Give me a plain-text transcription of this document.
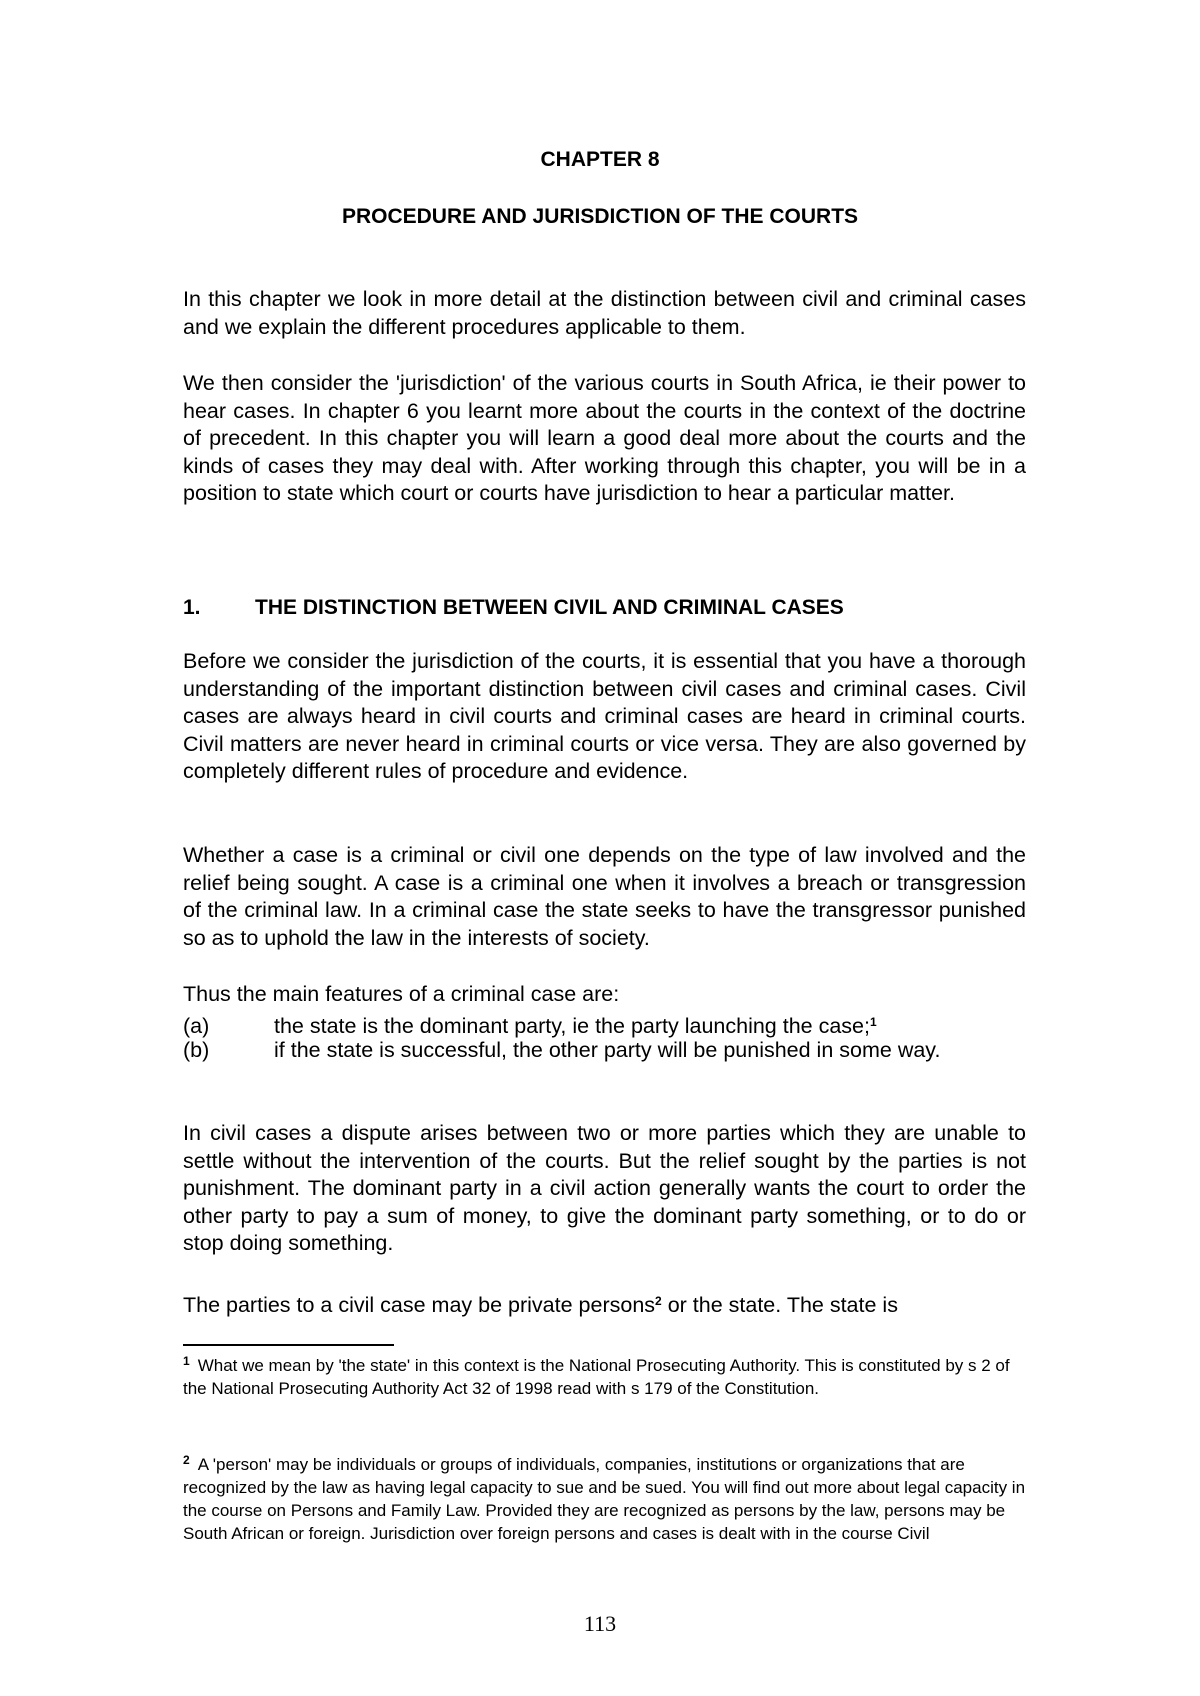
CHAPTER 8
PROCEDURE AND JURISDICTION OF THE COURTS

In this chapter we look in more detail at the distinction between civil and criminal cases and we explain the different procedures applicable to them.

We then consider the 'jurisdiction' of the various courts in South Africa, ie their power to hear cases. In chapter 6 you learnt more about the courts in the context of the doctrine of precedent. In this chapter you will learn a good deal more about the courts and the kinds of cases they may deal with. After working through this chapter, you will be in a position to state which court or courts have jurisdiction to hear a particular matter.

1.	THE DISTINCTION BETWEEN CIVIL AND CRIMINAL CASES

Before we consider the jurisdiction of the courts, it is essential that you have a thorough understanding of the important distinction between civil cases and criminal cases. Civil cases are always heard in civil courts and criminal cases are heard in criminal courts. Civil matters are never heard in criminal courts or vice versa. They are also governed by completely different rules of procedure and evidence.

Whether a case is a criminal or civil one depends on the type of law involved and the relief being sought. A case is a criminal one when it involves a breach or transgression of the criminal law. In a criminal case the state seeks to have the transgressor punished so as to uphold the law in the interests of society.

Thus the main features of a criminal case are:

(a)	the state is the dominant party, ie the party launching the case;$^1$
(b)	if the state is successful, the other party will be punished in some way.

In civil cases a dispute arises between two or more parties which they are unable to settle without the intervention of the courts. But the relief sought by the parties is not punishment. The dominant party in a civil action generally wants the court to order the other party to pay a sum of money, to give the dominant party something, or to do or stop doing something.

The parties to a civil case may be private persons$^2$ or the state. The state is

$^1$ What we mean by 'the state' in this context is the National Prosecuting Authority. This is constituted by s 2 of the National Prosecuting Authority Act 32 of 1998 read with s 179 of the Constitution.

$^2$ A 'person' may be individuals or groups of individuals, companies, institutions or organizations that are recognized by the law as having legal capacity to sue and be sued. You will find out more about legal capacity in the course on Persons and Family Law. Provided they are recognized as persons by the law, persons may be South African or foreign. Jurisdiction over foreign persons and cases is dealt with in the course Civil

113
